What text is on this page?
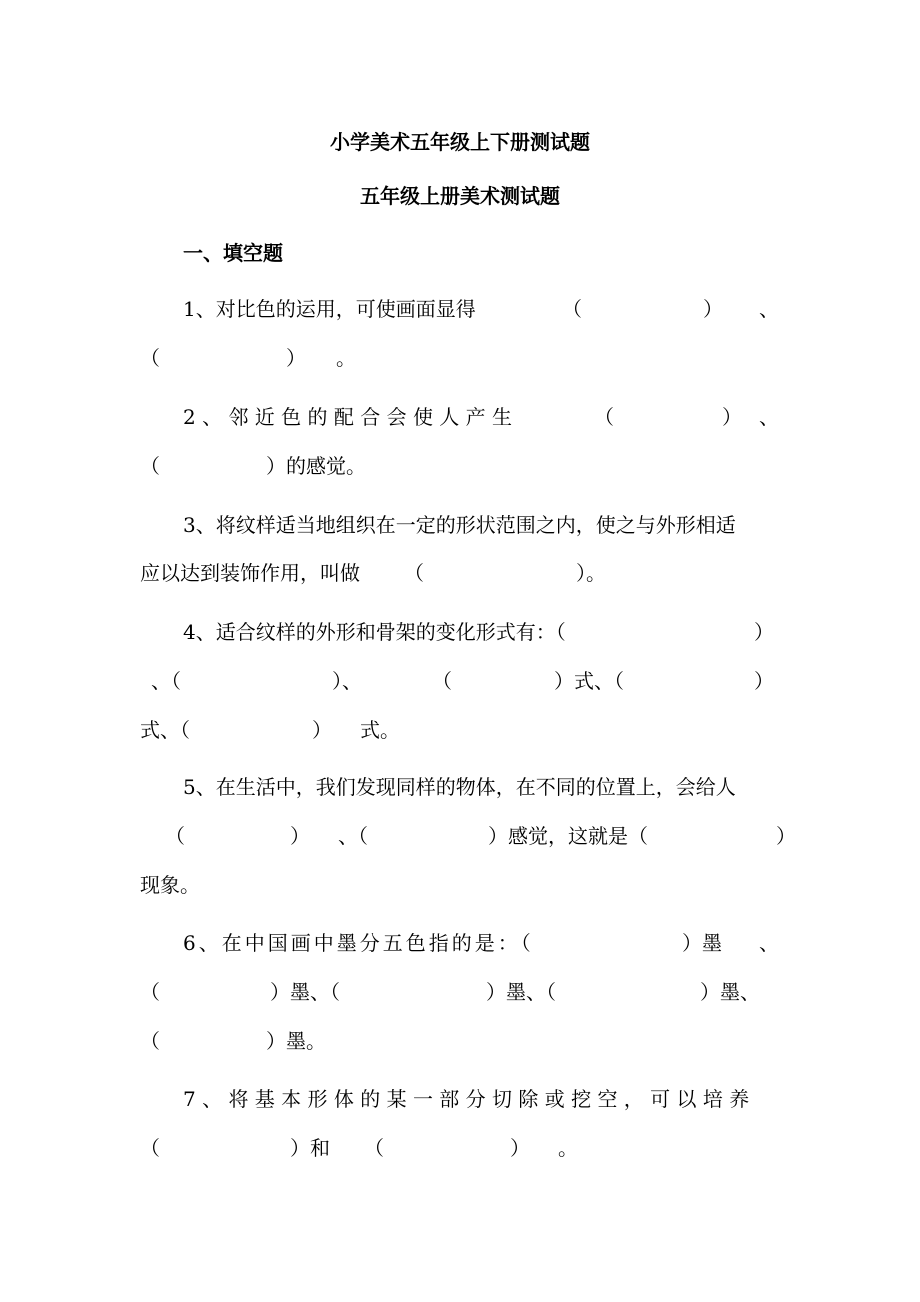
小学美术五年级上下册测试题
五年级上册美术测试题
一、填空题
1、对比色的运用，可使画面显得	（	） 、
（	） 。
2 、 邻 近 色 的 配 合 会 使 人 产 生	（	） 、
（	）的感觉。
3、将纹样适当地组织在一定的形状范围之内，使之与外形相适
应以达到装饰作用，叫做 （	）。
4、适合纹样的外形和骨架的变化形式有：（	）
、（	）、	（	）式、（	）
式、（	） 式。
5、在生活中，我们发现同样的物体，在不同的位置上，会给人
（	） 、（	）感觉，这就是（	）
现象。
6、在中国画中墨分五色指的是：（	）墨 、
（	）墨、（	）墨、（	）墨、
（	）墨。
7 、 将 基 本 形 体 的 某 一 部 分 切 除 或 挖 空 ， 可 以 培 养
（	）和 （	） 。
